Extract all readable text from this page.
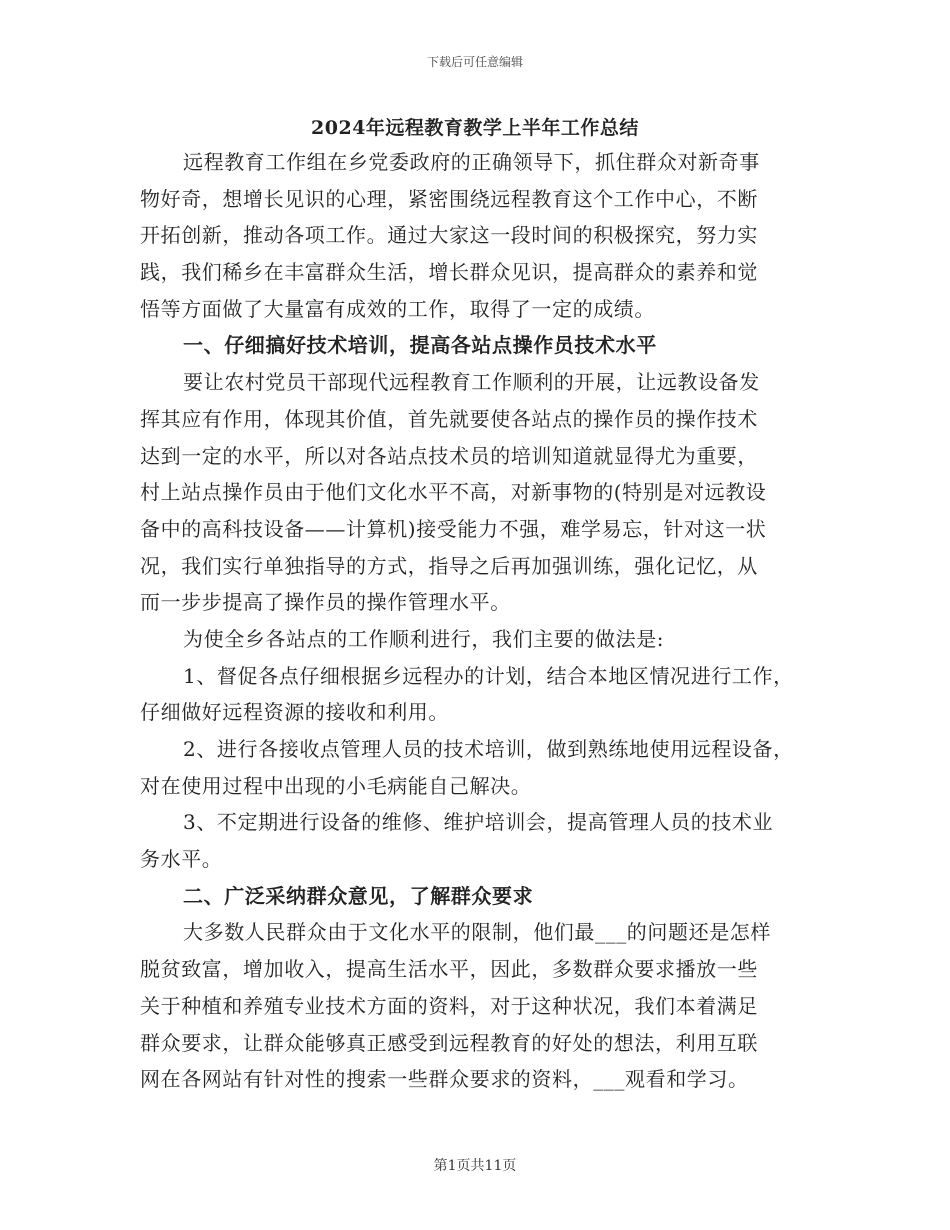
下载后可任意编辑
2024年远程教育教学上半年工作总结
远程教育工作组在乡党委政府的正确领导下，抓住群众对新奇事
物好奇，想增长见识的心理，紧密围绕远程教育这个工作中心，不断
开拓创新，推动各项工作。通过大家这一段时间的积极探究，努力实
践，我们稀乡在丰富群众生活，增长群众见识，提高群众的素养和觉
悟等方面做了大量富有成效的工作，取得了一定的成绩。
一、仔细搞好技术培训，提高各站点操作员技术水平
要让农村党员干部现代远程教育工作顺利的开展，让远教设备发
挥其应有作用，体现其价值，首先就要使各站点的操作员的操作技术
达到一定的水平，所以对各站点技术员的培训知道就显得尤为重要，
村上站点操作员由于他们文化水平不高，对新事物的(特别是对远教设
备中的高科技设备——计算机)接受能力不强，难学易忘，针对这一状
况，我们实行单独指导的方式，指导之后再加强训练，强化记忆，从
而一步步提高了操作员的操作管理水平。
为使全乡各站点的工作顺利进行，我们主要的做法是:
1、督促各点仔细根据乡远程办的计划，结合本地区情况进行工作，
仔细做好远程资源的接收和利用。
2、进行各接收点管理人员的技术培训，做到熟练地使用远程设备，
对在使用过程中出现的小毛病能自己解决。
3、不定期进行设备的维修、维护培训会，提高管理人员的技术业
务水平。
二、广泛采纳群众意见，了解群众要求
大多数人民群众由于文化水平的限制，他们最___的问题还是怎样
脱贫致富，增加收入，提高生活水平，因此，多数群众要求播放一些
关于种植和养殖专业技术方面的资料，对于这种状况，我们本着满足
群众要求，让群众能够真正感受到远程教育的好处的想法，利用互联
网在各网站有针对性的搜索一些群众要求的资料，___观看和学习。
第1页共11页
